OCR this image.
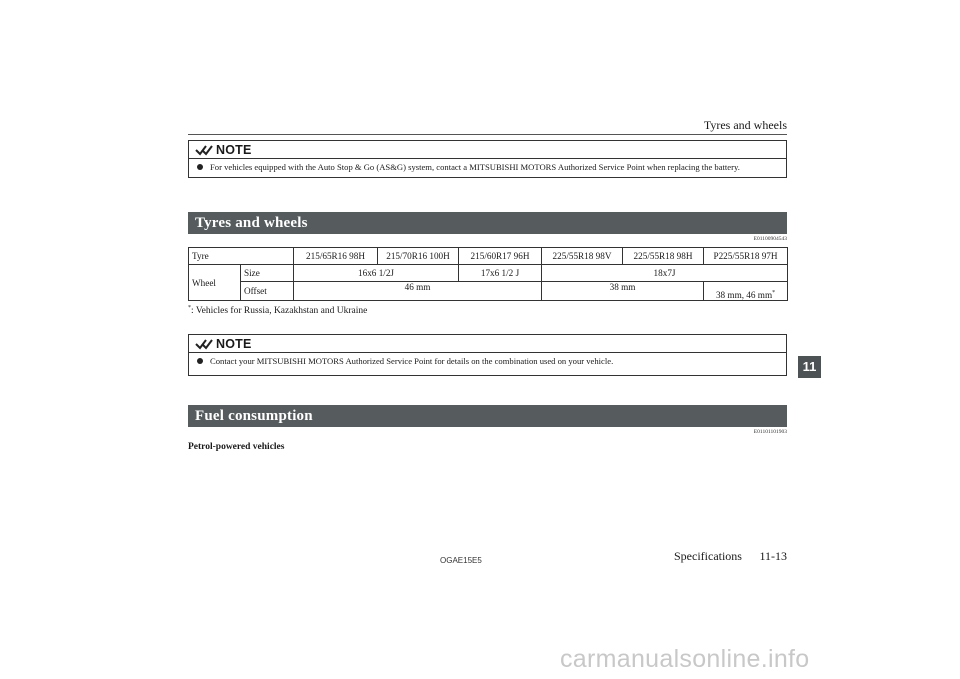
Tyres and wheels
NOTE
For vehicles equipped with the Auto Stop & Go (AS&G) system, contact a MITSUBISHI MOTORS Authorized Service Point when replacing the battery.
Tyres and wheels
E01100904543
Tyre		215/65R16 98H	215/70R16 100H	215/60R17 96H	225/55R18 98V	225/55R18 98H	P225/55R18 97H
Wheel	Size	16x6 1/2J		17x6 1/2 J	18x7J		
	Offset	46 mm			38 mm		38 mm, 46 mm*
*: Vehicles for Russia, Kazakhstan and Ukraine
NOTE
Contact your MITSUBISHI MOTORS Authorized Service Point for details on the combination used on your vehicle.
Fuel consumption
E01101101903
Petrol-powered vehicles
11
OGAE15E5	Specifications 11-13
carmanualsonline.info
